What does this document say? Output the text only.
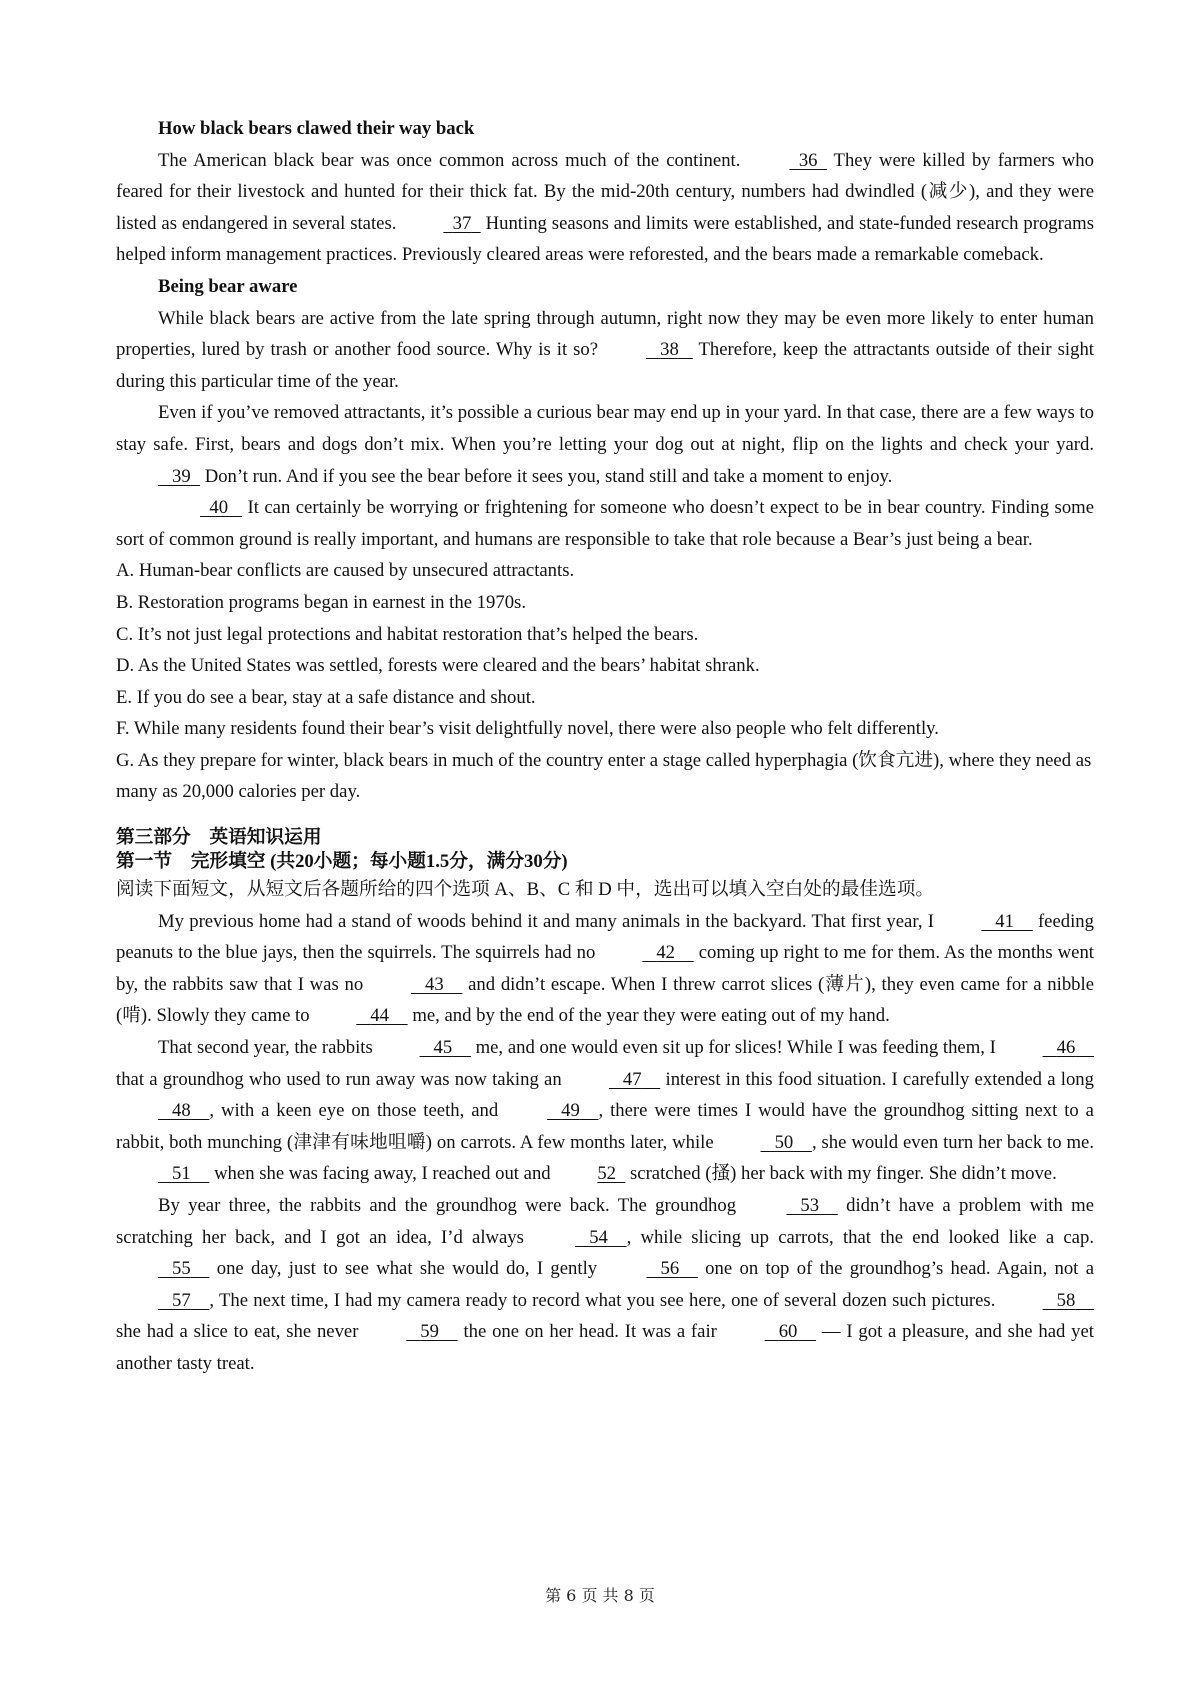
How black bears clawed their way back

The American black bear was once common across much of the continent.	36   They were killed by farmers who feared for their livestock and hunted for their thick fat. By the mid-20th century, numbers had dwindled (减少), and they were listed as endangered in several states.	37   Hunting seasons and limits were established, and state-funded research programs helped inform management practices. Previously cleared areas were reforested, and the bears made a remarkable comeback.

Being bear aware

While black bears are active from the late spring through autumn, right now they may be even more likely to enter human properties, lured by trash or another food source. Why is it so?	38    Therefore, keep the attractants outside of their sight during this particular time of the year.

Even if you’ve removed attractants, it’s possible a curious bear may end up in your yard. In that case, there are a few ways to stay safe. First, bears and dogs don’t mix. When you’re letting your dog out at night, flip on the lights and check your yard.    39   Don’t run. And if you see the bear before it sees you, stand still and take a moment to enjoy.

40    It can certainly be worrying or frightening for someone who doesn’t expect to be in bear country. Finding some sort of common ground is really important, and humans are responsible to take that role because a Bear’s just being a bear.

A. Human-bear conflicts are caused by unsecured attractants.

B. Restoration programs began in earnest in the 1970s.

C. It’s not just legal protections and habitat restoration that’s helped the bears.

D. As the United States was settled, forests were cleared and the bears’ habitat shrank.

E. If you do see a bear, stay at a safe distance and shout.

F. While many residents found their bear’s visit delightfully novel, there were also people who felt differently.

G. As they prepare for winter, black bears in much of the country enter a stage called hyperphagia (饮食亢进), where they need as many as 20,000 calories per day.

第三部分　英语知识运用

第一节　完形填空 (共20小题；每小题1.5分，满分30分)

阅读下面短文，从短文后各题所给的四个选项 A、B、C 和 D 中，选出可以填入空白处的最佳选项。

My previous home had a stand of woods behind it and many animals in the backyard. That first year, I	41     feeding peanuts to the blue jays, then the squirrels. The squirrels had no	42     coming up right to me for them. As the months went by, the rabbits saw that I was no	43     and didn’t escape. When I threw carrot slices (薄片), they even came for a nibble (啃). Slowly they came to	44     me, and by the end of the year they were eating out of my hand.

That second year, the rabbits	45     me, and one would even sit up for slices! While I was feeding them, I	46     that a groundhog who used to run away was now taking an	47     interest in this food situation. I carefully extended a long    48 , with a keen eye on those teeth, and	49 , there were times I would have the groundhog sitting next to a rabbit, both munching (津津有味地咀嚼) on carrots. A few months later, while	50 , she would even turn her back to me.    51     when she was facing away, I reached out and 52   scratched (搔) her back with my finger. She didn’t move.

By year three, the rabbits and the groundhog were back. The groundhog	53     didn’t have a problem with me scratching her back, and I got an idea, I’d always	54 , while slicing up carrots, that the end looked like a cap.    55     one day, just to see what she would do, I gently	56     one on top of the groundhog’s head. Again, not a    57 , The next time, I had my camera ready to record what you see here, one of several dozen such pictures.	58     she had a slice to eat, she never	59     the one on her head. It was a fair	60     — I got a pleasure, and she had yet another tasty treat.

第 6 页 共 8 页
